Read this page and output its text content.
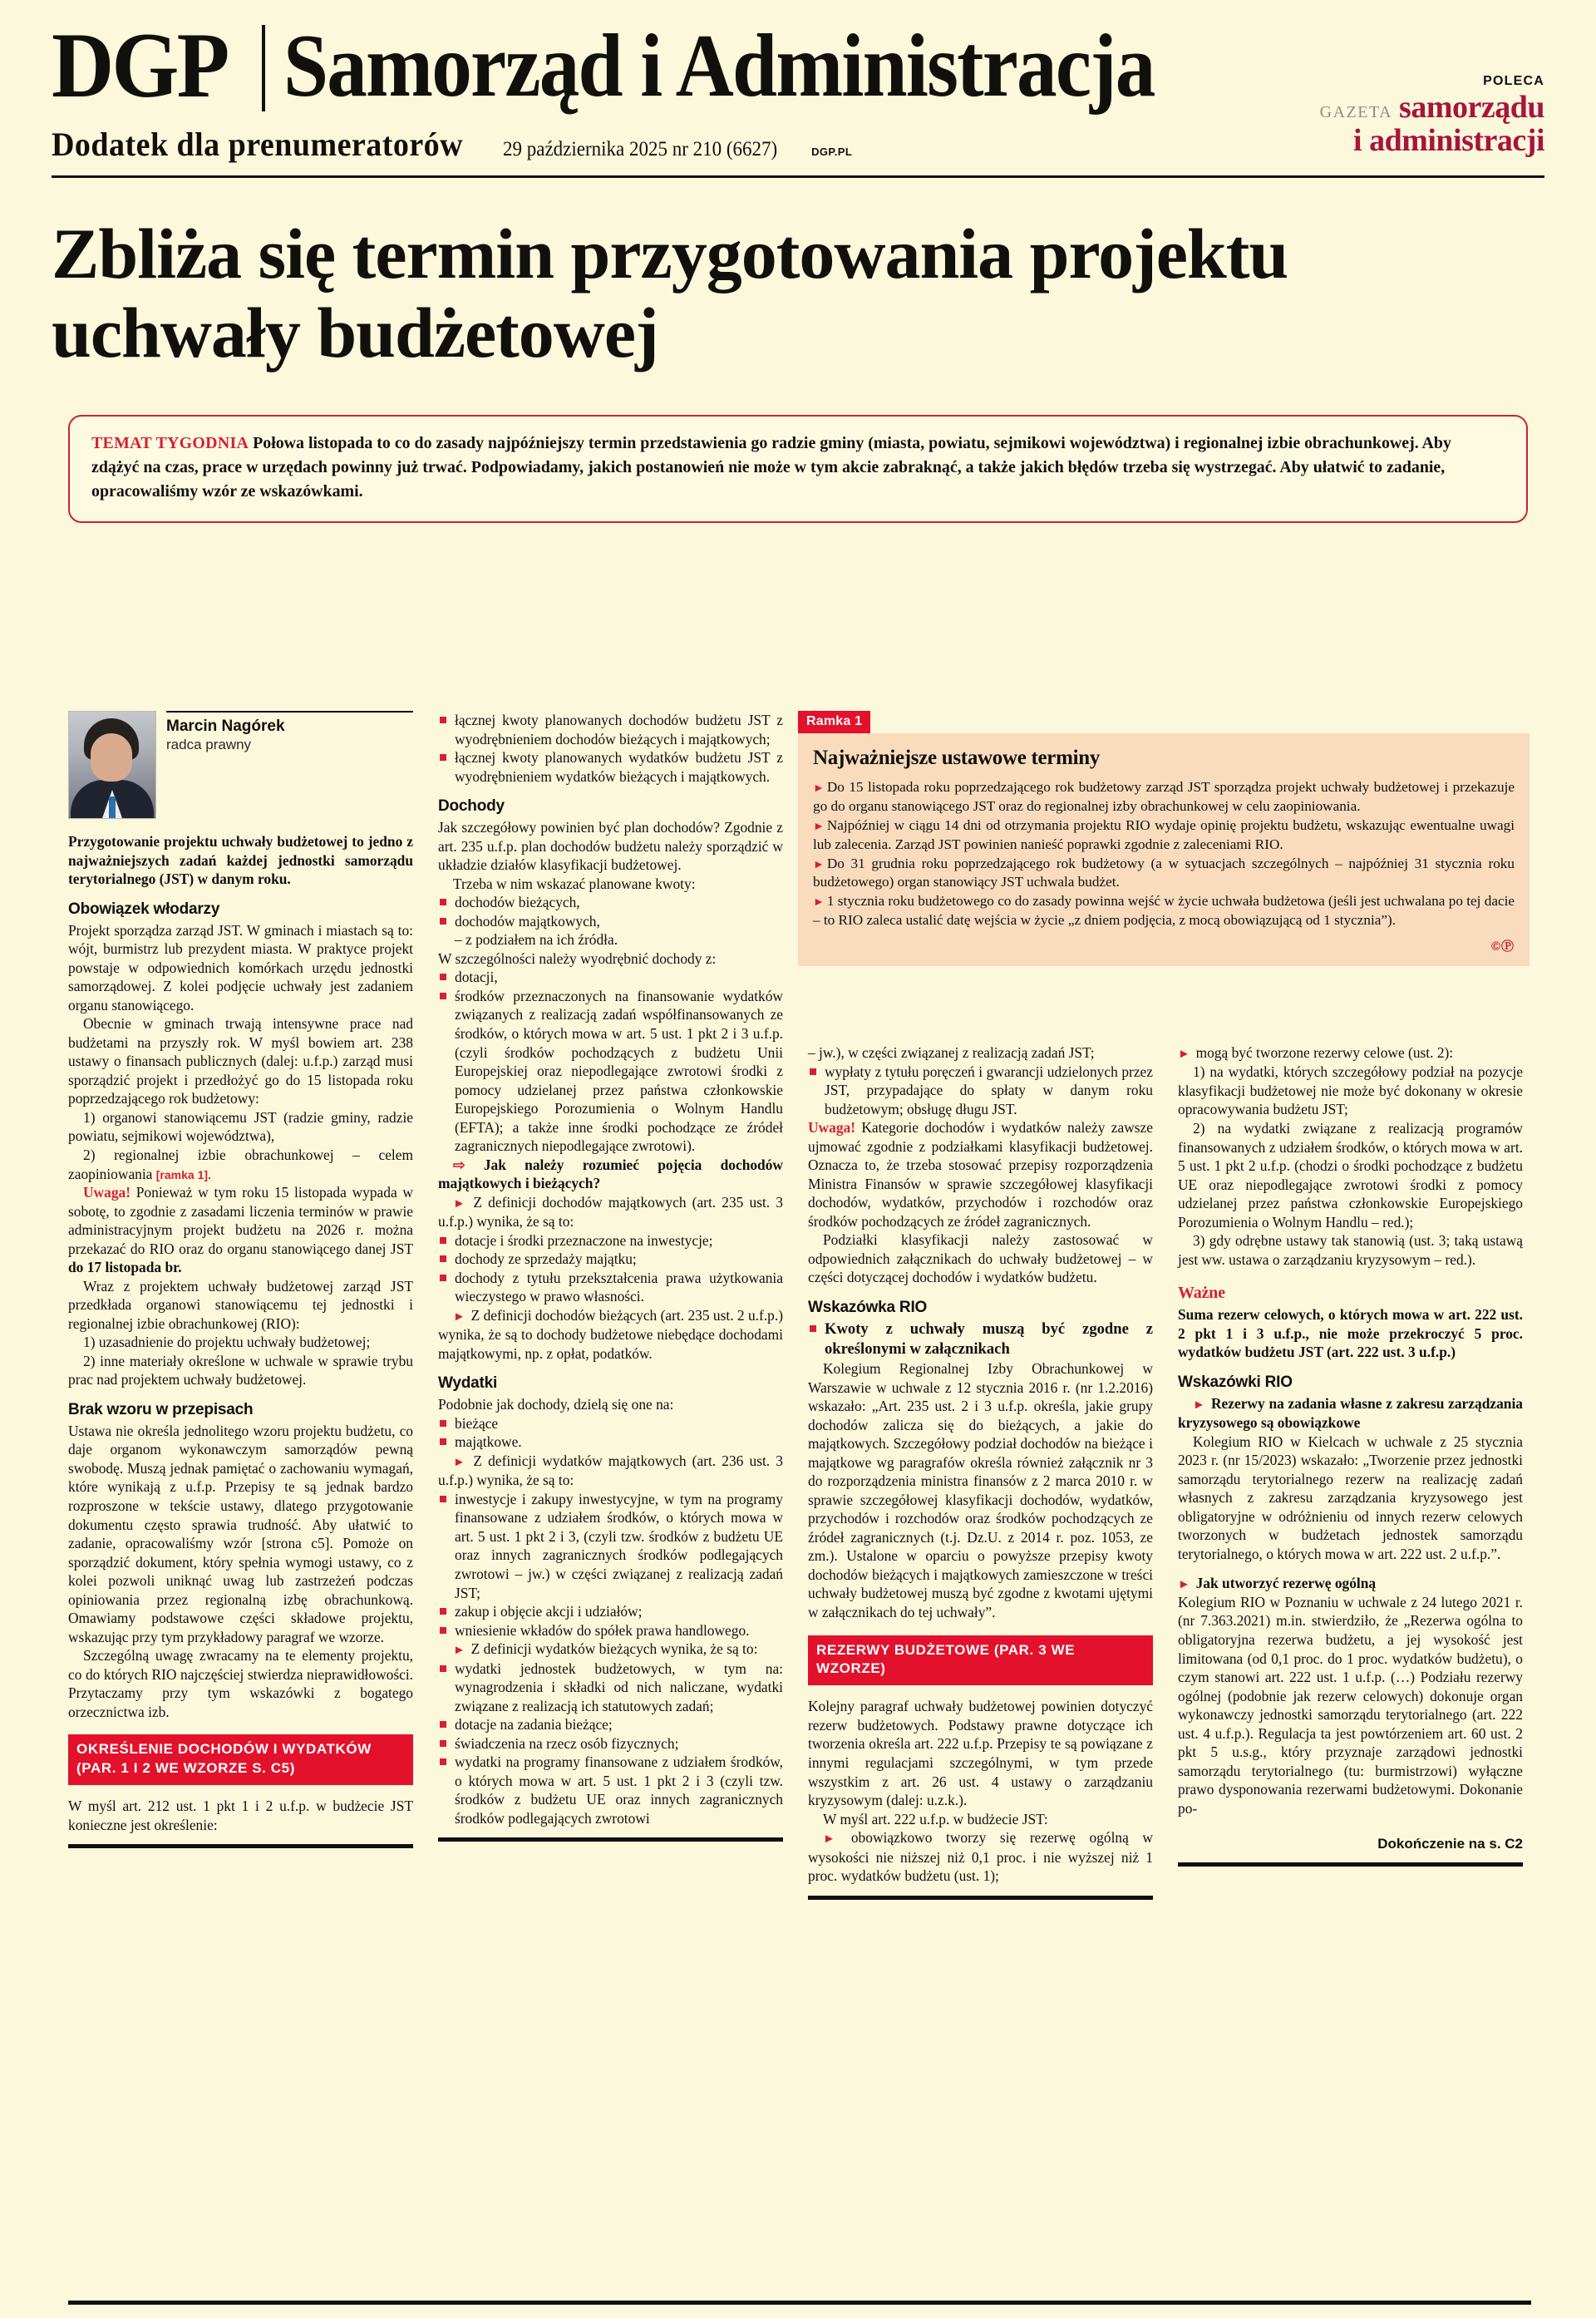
DGP Samorząd i Administracja
Dodatek dla prenumeratorów 29 października 2025 nr 210 (6627)	DGP.PL
POLECA
GAZETA samorządu
i administracji
Zbliża się termin przygotowania projektu uchwały budżetowej

TEMAT TYGODNIA Połowa listopada to co do zasady najpóźniejszy termin przedstawienia go radzie gminy (miasta, powiatu, sejmikowi województwa) i regionalnej izbie obrachunkowej. Aby zdążyć na czas, prace w urzędach powinny już trwać. Podpowiadamy, jakich postanowień nie może w tym akcie zabraknąć, a także jakich błędów trzeba się wystrzegać. Aby ułatwić to zadanie, opracowaliśmy wzór ze wskazówkami.

Ramka 1
Najważniejsze ustawowe terminy

► Do 15 listopada roku poprzedzającego rok budżetowy zarząd JST sporządza projekt uchwały budżetowej i przekazuje go do organu stanowiącego JST oraz do regionalnej izby obrachunkowej w celu zaopiniowania.

► Najpóźniej w ciągu 14 dni od otrzymania projektu RIO wydaje opinię projektu budżetu, wskazując ewentualne uwagi lub zalecenia. Zarząd JST powinien nanieść poprawki zgodnie z zaleceniami RIO.

► Do 31 grudnia roku poprzedzającego rok budżetowy (a w sytuacjach szczególnych – najpóźniej 31 stycznia roku budżetowego) organ stanowiący JST uchwala budżet.

► 1 stycznia roku budżetowego co do zasady powinna wejść w życie uchwała budżetowa (jeśli jest uchwalana po tej dacie – to RIO zaleca ustalić datę wejścia w życie „z dniem podjęcia, z mocą obowiązującą od 1 stycznia”).

©Ⓟ
Marcin Nagórek
radca prawny

Przygotowanie projektu uchwały budżetowej to jedno z najważniejszych zadań każdej jednostki samorządu terytorialnego (JST) w danym roku.

Obowiązek włodarzy

Projekt sporządza zarząd JST. W gminach i miastach są to: wójt, burmistrz lub prezydent miasta. W praktyce projekt powstaje w odpowiednich komórkach urzędu jednostki samorządowej. Z kolei podjęcie uchwały jest zadaniem organu stanowiącego.

Obecnie w gminach trwają intensywne prace nad budżetami na przyszły rok. W myśl bowiem art. 238 ustawy o finansach publicznych (dalej: u.f.p.) zarząd musi sporządzić projekt i przedłożyć go do 15 listopada roku poprzedzającego rok budżetowy:

1) organowi stanowiącemu JST (radzie gminy, radzie powiatu, sejmikowi województwa),

2) regionalnej izbie obrachunkowej – celem zaopiniowania [ramka 1].

Uwaga! Ponieważ w tym roku 15 listopada wypada w sobotę, to zgodnie z zasadami liczenia terminów w prawie administracyjnym projekt budżetu na 2026 r. można przekazać do RIO oraz do organu stanowiącego danej JST do 17 listopada br.

Wraz z projektem uchwały budżetowej zarząd JST przedkłada organowi stanowiącemu tej jednostki i regionalnej izbie obrachunkowej (RIO):

1) uzasadnienie do projektu uchwały budżetowej;

2) inne materiały określone w uchwale w sprawie trybu prac nad projektem uchwały budżetowej.

Brak wzoru w przepisach

Ustawa nie określa jednolitego wzoru projektu budżetu, co daje organom wykonawczym samorządów pewną swobodę. Muszą jednak pamiętać o zachowaniu wymagań, które wynikają z u.f.p. Przepisy te są jednak bardzo rozproszone w tekście ustawy, dlatego przygotowanie dokumentu często sprawia trudność. Aby ułatwić to zadanie, opracowaliśmy wzór [strona c5]. Pomoże on sporządzić dokument, który spełnia wymogi ustawy, co z kolei pozwoli uniknąć uwag lub zastrzeżeń podczas opiniowania przez regionalną izbę obrachunkową. Omawiamy podstawowe części składowe projektu, wskazując przy tym przykładowy paragraf we wzorze.

Szczególną uwagę zwracamy na te elementy projektu, co do których RIO najczęściej stwierdza nieprawidłowości. Przytaczamy przy tym wskazówki z bogatego orzecznictwa izb.

OKREŚLENIE DOCHODÓW I WYDATKÓW (PAR. 1 I 2 WE WZORZE S. C5)

W myśl art. 212 ust. 1 pkt 1 i 2 u.f.p. w budżecie JST konieczne jest określenie:

łącznej kwoty planowanych dochodów budżetu JST z wyodrębnieniem dochodów bieżących i majątkowych;
łącznej kwoty planowanych wydatków budżetu JST z wyodrębnieniem wydatków bieżących i majątkowych.
Dochody

Jak szczegółowy powinien być plan dochodów? Zgodnie z art. 235 u.f.p. plan dochodów budżetu należy sporządzić w układzie działów klasyfikacji budżetowej.

Trzeba w nim wskazać planowane kwoty:

dochodów bieżących,
dochodów majątkowych,

– z podziałem na ich źródła.

W szczególności należy wyodrębnić dochody z:

dotacji,
środków przeznaczonych na finansowanie wydatków związanych z realizacją zadań współfinansowanych ze środków, o których mowa w art. 5 ust. 1 pkt 2 i 3 u.f.p. (czyli środków pochodzących z budżetu Unii Europejskiej oraz niepodlegające zwrotowi środki z pomocy udzielanej przez państwa członkowskie Europejskiego Porozumienia o Wolnym Handlu (EFTA); a także inne środki pochodzące ze źródeł zagranicznych niepodlegające zwrotowi).

⇨ Jak należy rozumieć pojęcia dochodów majątkowych i bieżących?

► Z definicji dochodów majątkowych (art. 235 ust. 3 u.f.p.) wynika, że są to:

dotacje i środki przeznaczone na inwestycje;
dochody ze sprzedaży majątku;
dochody z tytułu przekształcenia prawa użytkowania wieczystego w prawo własności.

► Z definicji dochodów bieżących (art. 235 ust. 2 u.f.p.) wynika, że są to dochody budżetowe niebędące dochodami majątkowymi, np. z opłat, podatków.

Wydatki

Podobnie jak dochody, dzielą się one na:

bieżące
majątkowe.

► Z definicji wydatków majątkowych (art. 236 ust. 3 u.f.p.) wynika, że są to:

inwestycje i zakupy inwestycyjne, w tym na programy finansowane z udziałem środków, o których mowa w art. 5 ust. 1 pkt 2 i 3, (czyli tzw. środków z budżetu UE oraz innych zagranicznych środków podlegających zwrotowi – jw.) w części związanej z realizacją zadań JST;
zakup i objęcie akcji i udziałów;
wniesienie wkładów do spółek prawa handlowego.

► Z definicji wydatków bieżących wynika, że są to:

wydatki jednostek budżetowych, w tym na: wynagrodzenia i składki od nich naliczane, wydatki związane z realizacją ich statutowych zadań;
dotacje na zadania bieżące;
świadczenia na rzecz osób fizycznych;
wydatki na programy finansowane z udziałem środków, o których mowa w art. 5 ust. 1 pkt 2 i 3 (czyli tzw. środków z budżetu UE oraz innych zagranicznych środków podlegających zwrotowi

– jw.), w części związanej z realizacją zadań JST;

wypłaty z tytułu poręczeń i gwarancji udzielonych przez JST, przypadające do spłaty w danym roku budżetowym; obsługę długu JST.

Uwaga! Kategorie dochodów i wydatków należy zawsze ujmować zgodnie z podziałkami klasyfikacji budżetowej. Oznacza to, że trzeba stosować przepisy rozporządzenia Ministra Finansów w sprawie szczegółowej klasyfikacji dochodów, wydatków, przychodów i rozchodów oraz środków pochodzących ze źródeł zagranicznych.

Podziałki klasyfikacji należy zastosować w odpowiednich załącznikach do uchwały budżetowej – w części dotyczącej dochodów i wydatków budżetu.

Wskazówka RIO
Kwoty z uchwały muszą być zgodne z określonymi w załącznikach

Kolegium Regionalnej Izby Obrachunkowej w Warszawie w uchwale z 12 stycznia 2016 r. (nr 1.2.2016) wskazało: „Art. 235 ust. 2 i 3 u.f.p. określa, jakie grupy dochodów zalicza się do bieżących, a jakie do majątkowych. Szczegółowy podział dochodów na bieżące i majątkowe wg paragrafów określa również załącznik nr 3 do rozporządzenia ministra finansów z 2 marca 2010 r. w sprawie szczegółowej klasyfikacji dochodów, wydatków, przychodów i rozchodów oraz środków pochodzących ze źródeł zagranicznych (t.j. Dz.U. z 2014 r. poz. 1053, ze zm.). Ustalone w oparciu o powyższe przepisy kwoty dochodów bieżących i majątkowych zamieszczone w treści uchwały budżetowej muszą być zgodne z kwotami ujętymi w załącznikach do tej uchwały”.

REZERWY BUDŻETOWE (PAR. 3 WE WZORZE)

Kolejny paragraf uchwały budżetowej powinien dotyczyć rezerw budżetowych. Podstawy prawne dotyczące ich tworzenia określa art. 222 u.f.p. Przepisy te są powiązane z innymi regulacjami szczególnymi, w tym przede wszystkim z art. 26 ust. 4 ustawy o zarządzaniu kryzysowym (dalej: u.z.k.).

W myśl art. 222 u.f.p. w budżecie JST:

► obowiązkowo tworzy się rezerwę ogólną w wysokości nie niższej niż 0,1 proc. i nie wyższej niż 1 proc. wydatków budżetu (ust. 1);

► mogą być tworzone rezerwy celowe (ust. 2):

1) na wydatki, których szczegółowy podział na pozycje klasyfikacji budżetowej nie może być dokonany w okresie opracowywania budżetu JST;

2) na wydatki związane z realizacją programów finansowanych z udziałem środków, o których mowa w art. 5 ust. 1 pkt 2 u.f.p. (chodzi o środki pochodzące z budżetu UE oraz niepodlegające zwrotowi środki z pomocy udzielanej przez państwa członkowskie Europejskiego Porozumienia o Wolnym Handlu – red.);

3) gdy odrębne ustawy tak stanowią (ust. 3; taką ustawą jest ww. ustawa o zarządzaniu kryzysowym – red.).

Ważne

Suma rezerw celowych, o których mowa w art. 222 ust. 2 pkt 1 i 3 u.f.p., nie może przekroczyć 5 proc. wydatków budżetu JST (art. 222 ust. 3 u.f.p.)

Wskazówki RIO

► Rezerwy na zadania własne z zakresu zarządzania kryzysowego są obowiązkowe

Kolegium RIO w Kielcach w uchwale z 25 stycznia 2023 r. (nr 15/2023) wskazało: „Tworzenie przez jednostki samorządu terytorialnego rezerw na realizację zadań własnych z zakresu zarządzania kryzysowego jest obligatoryjne w odróżnieniu od innych rezerw celowych tworzonych w budżetach jednostek samorządu terytorialnego, o których mowa w art. 222 ust. 2 u.f.p.”.

► Jak utworzyć rezerwę ogólną

Kolegium RIO w Poznaniu w uchwale z 24 lutego 2021 r. (nr 7.363.2021) m.in. stwierdziło, że „Rezerwa ogólna to obligatoryjna rezerwa budżetu, a jej wysokość jest limitowana (od 0,1 proc. do 1 proc. wydatków budżetu), o czym stanowi art. 222 ust. 1 u.f.p. (…) Podziału rezerwy ogólnej (podobnie jak rezerw celowych) dokonuje organ wykonawczy jednostki samorządu terytorialnego (art. 222 ust. 4 u.f.p.). Regulacja ta jest powtórzeniem art. 60 ust. 2 pkt 5 u.s.g., który przyznaje zarządowi jednostki samorządu terytorialnego (tu: burmistrzowi) wyłączne prawo dysponowania rezerwami budżetowymi. Dokonanie po-

Dokończenie na s. C2
